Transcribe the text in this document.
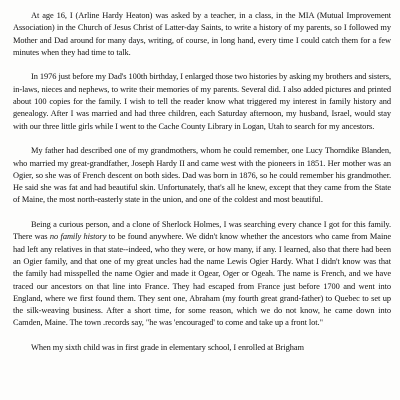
At age 16, I (Arline Hardy Heaton) was asked by a teacher, in a class, in the MIA (Mutual Improvement Association) in the Church of Jesus Christ of Latter-day Saints, to write a history of my parents, so I followed my Mother and Dad around for many days, writing, of course, in long hand, every time I could catch them for a few minutes when they had time to talk.

In 1976 just before my Dad's 100th birthday, I enlarged those two histories by asking my brothers and sisters, in-laws, nieces and nephews, to write their memories of my parents. Several did. I also added pictures and printed about 100 copies for the family. I wish to tell the reader know what triggered my interest in family history and genealogy. After I was married and had three children, each Saturday afternoon, my husband, Israel, would stay with our three little girls while I went to the Cache County Library in Logan, Utah to search for my ancestors.

My father had described one of my grandmothers, whom he could remember, one Lucy Thorndike Blanden, who married my great-grandfather, Joseph Hardy II and came west with the pioneers in 1851. Her mother was an Ogier, so she was of French descent on both sides. Dad was born in 1876, so he could remember his grandmother. He said she was fat and had beautiful skin. Unfortunately, that's all he knew, except that they came from the State of Maine, the most north-easterly state in the union, and one of the coldest and most beautiful.

Being a curious person, and a clone of Sherlock Holmes, I was searching every chance I got for this family. There was no family history to be found anywhere. We didn't know whether the ancestors who came from Maine had left any relatives in that state--indeed, who they were, or how many, if any. I learned, also that there had been an Ogier family, and that one of my great uncles had the name Lewis Ogier Hardy. What I didn't know was that the family had misspelled the name Ogier and made it Ogear, Oger or Ogeah. The name is French, and we have traced our ancestors on that line into France. They had escaped from France just before 1700 and went into England, where we first found them. They sent one, Abraham (my fourth great grand-father) to Quebec to set up the silk-weaving business. After a short time, for some reason, which we do not know, he came down into Camden, Maine. The town .records say, "he was 'encouraged' to come and take up a front lot."

When my sixth child was in first grade in elementary school, I enrolled at Brigham
